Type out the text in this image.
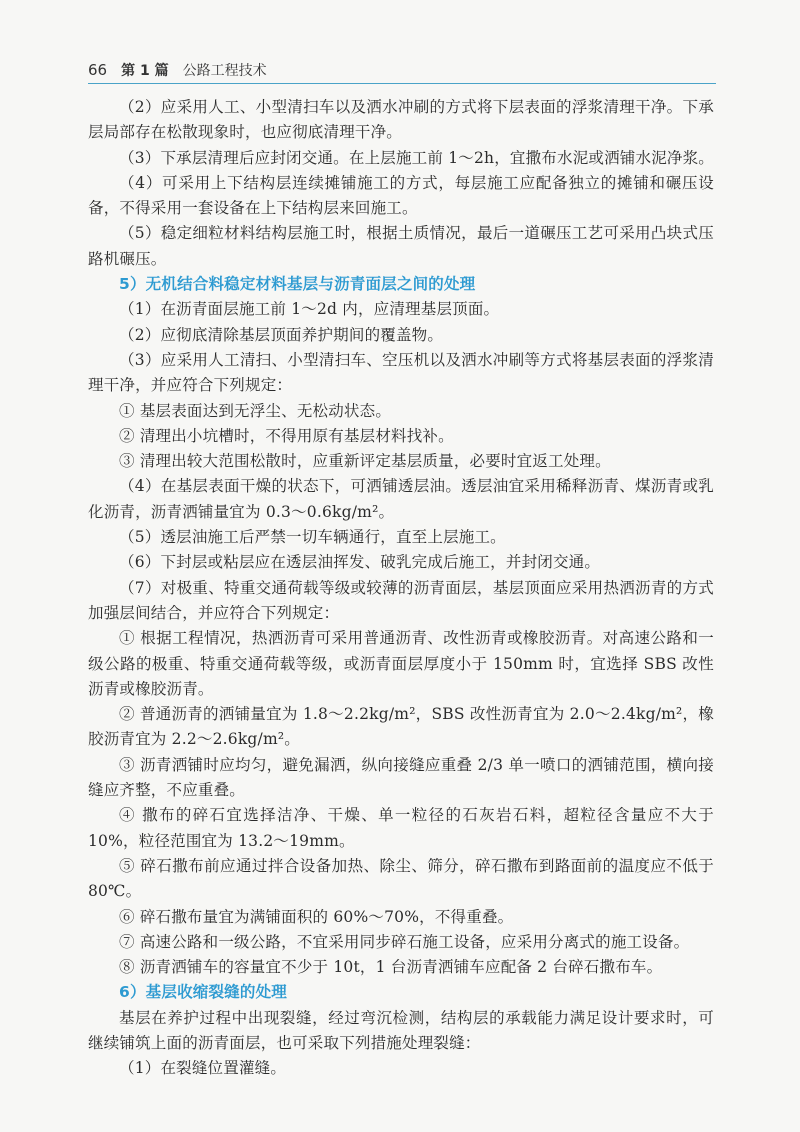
66 第 1 篇 公路工程技术

（2）应采用人工、小型清扫车以及洒水冲刷的方式将下层表面的浮浆清理干净。下承层局部存在松散现象时，也应彻底清理干净。

（3）下承层清理后应封闭交通。在上层施工前 1～2h，宜撒布水泥或洒铺水泥净浆。

（4）可采用上下结构层连续摊铺施工的方式，每层施工应配备独立的摊铺和碾压设备，不得采用一套设备在上下结构层来回施工。

（5）稳定细粒材料结构层施工时，根据土质情况，最后一道碾压工艺可采用凸块式压路机碾压。

5）无机结合料稳定材料基层与沥青面层之间的处理

（1）在沥青面层施工前 1～2d 内，应清理基层顶面。

（2）应彻底清除基层顶面养护期间的覆盖物。

（3）应采用人工清扫、小型清扫车、空压机以及洒水冲刷等方式将基层表面的浮浆清理干净，并应符合下列规定：

① 基层表面达到无浮尘、无松动状态。

② 清理出小坑槽时，不得用原有基层材料找补。

③ 清理出较大范围松散时，应重新评定基层质量，必要时宜返工处理。

（4）在基层表面干燥的状态下，可洒铺透层油。透层油宜采用稀释沥青、煤沥青或乳化沥青，沥青洒铺量宜为 0.3～0.6kg/m²。

（5）透层油施工后严禁一切车辆通行，直至上层施工。

（6）下封层或粘层应在透层油挥发、破乳完成后施工，并封闭交通。

（7）对极重、特重交通荷载等级或较薄的沥青面层，基层顶面应采用热洒沥青的方式加强层间结合，并应符合下列规定：

① 根据工程情况，热洒沥青可采用普通沥青、改性沥青或橡胶沥青。对高速公路和一级公路的极重、特重交通荷载等级，或沥青面层厚度小于 150mm 时，宜选择 SBS 改性沥青或橡胶沥青。

② 普通沥青的洒铺量宜为 1.8～2.2kg/m²，SBS 改性沥青宜为 2.0～2.4kg/m²，橡胶沥青宜为 2.2～2.6kg/m²。

③ 沥青洒铺时应均匀，避免漏洒，纵向接缝应重叠 2/3 单一喷口的洒铺范围，横向接缝应齐整，不应重叠。

④ 撒布的碎石宜选择洁净、干燥、单一粒径的石灰岩石料，超粒径含量应不大于 10%，粒径范围宜为 13.2～19mm。

⑤ 碎石撒布前应通过拌合设备加热、除尘、筛分，碎石撒布到路面前的温度应不低于 80℃。

⑥ 碎石撒布量宜为满铺面积的 60%～70%，不得重叠。

⑦ 高速公路和一级公路，不宜采用同步碎石施工设备，应采用分离式的施工设备。

⑧ 沥青洒铺车的容量宜不少于 10t，1 台沥青洒铺车应配备 2 台碎石撒布车。

6）基层收缩裂缝的处理

基层在养护过程中出现裂缝，经过弯沉检测，结构层的承载能力满足设计要求时，可继续铺筑上面的沥青面层，也可采取下列措施处理裂缝：

（1）在裂缝位置灌缝。
